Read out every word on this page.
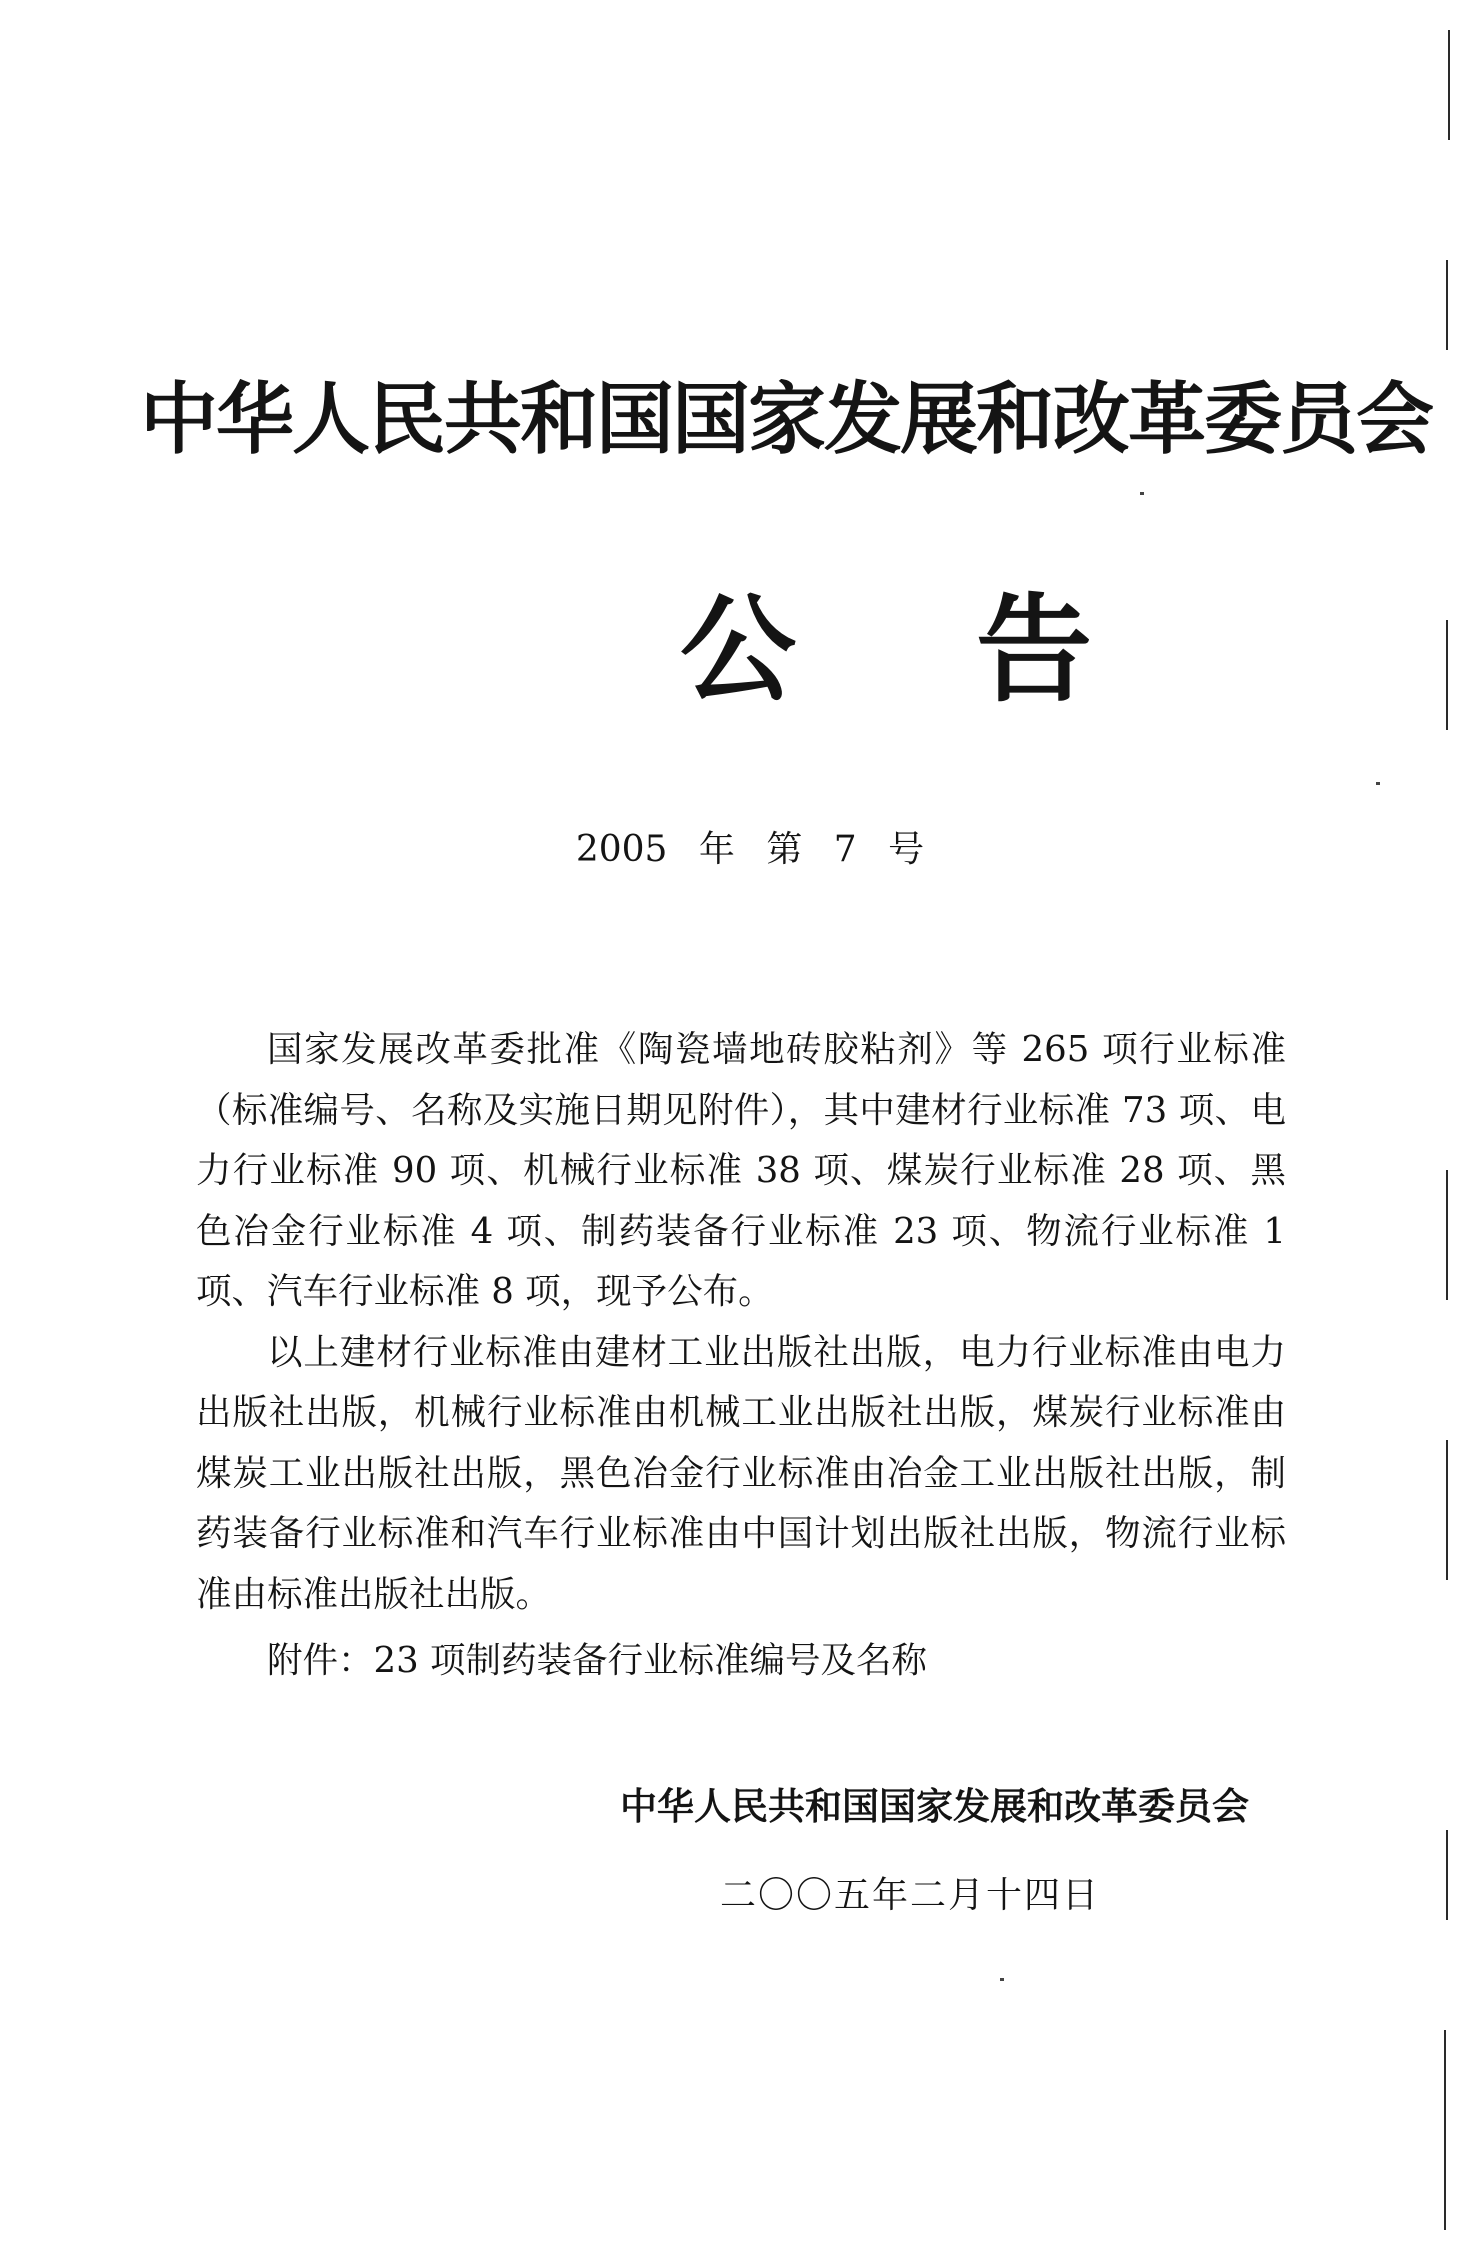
中华人民共和国国家发展和改革委员会
公告
2005 年 第 7 号

国家发展改革委批准《陶瓷墙地砖胶粘剂》等 265 项行业标准（标准编号、名称及实施日期见附件），其中建材行业标准 73 项、电力行业标准 90 项、机械行业标准 38 项、煤炭行业标准 28 项、黑色冶金行业标准 4 项、制药装备行业标准 23 项、物流行业标准 1 项、汽车行业标准 8 项，现予公布。

以上建材行业标准由建材工业出版社出版，电力行业标准由电力出版社出版，机械行业标准由机械工业出版社出版，煤炭行业标准由煤炭工业出版社出版，黑色冶金行业标准由冶金工业出版社出版，制药装备行业标准和汽车行业标准由中国计划出版社出版，物流行业标准由标准出版社出版。

附件：23 项制药装备行业标准编号及名称

中华人民共和国国家发展和改革委员会
二〇〇五年二月十四日
